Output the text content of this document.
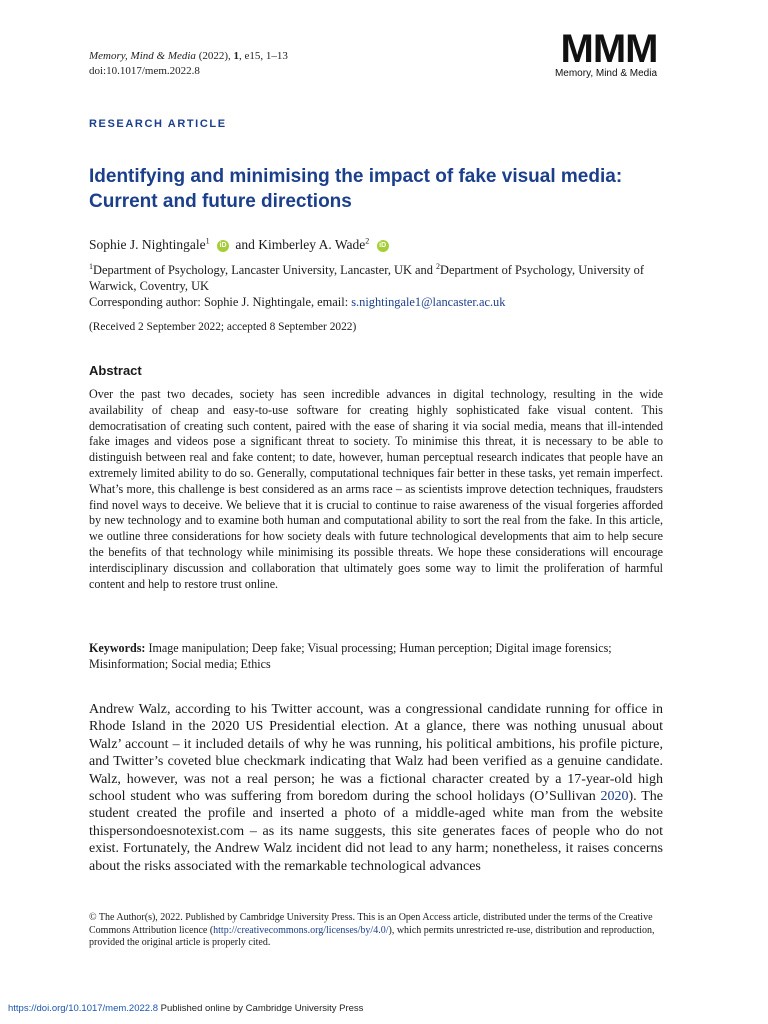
Memory, Mind & Media (2022), 1, e15, 1–13
doi:10.1017/mem.2022.8	MMM
Memory, Mind & Media
RESEARCH ARTICLE
Identifying and minimising the impact of fake visual media: Current and future directions
Sophie J. Nightingale$^1$ iD and Kimberley A. Wade$^2$ iD
$^1$Department of Psychology, Lancaster University, Lancaster, UK and $^2$Department of Psychology, University of Warwick, Coventry, UK
Corresponding author: Sophie J. Nightingale, email: s.nightingale1@lancaster.ac.uk
(Received 2 September 2022; accepted 8 September 2022)
Abstract
Over the past two decades, society has seen incredible advances in digital technology, resulting in the wide availability of cheap and easy-to-use software for creating highly sophisticated fake visual content. This democratisation of creating such content, paired with the ease of sharing it via social media, means that ill-intended fake images and videos pose a significant threat to society. To minimise this threat, it is necessary to be able to distinguish between real and fake content; to date, however, human perceptual research indicates that people have an extremely limited ability to do so. Generally, computational techniques fair better in these tasks, yet remain imperfect. What’s more, this challenge is best considered as an arms race – as scientists improve detection techniques, fraudsters find novel ways to deceive. We believe that it is crucial to continue to raise awareness of the visual forgeries afforded by new technology and to examine both human and computational ability to sort the real from the fake. In this article, we outline three considerations for how society deals with future technological developments that aim to help secure the benefits of that technology while minimising its possible threats. We hope these considerations will encourage interdisciplinary discussion and collaboration that ultimately goes some way to limit the proliferation of harmful content and help to restore trust online.
Keywords: Image manipulation; Deep fake; Visual processing; Human perception; Digital image forensics; Misinformation; Social media; Ethics
Andrew Walz, according to his Twitter account, was a congressional candidate running for office in Rhode Island in the 2020 US Presidential election. At a glance, there was nothing unusual about Walz’ account – it included details of why he was running, his political ambitions, his profile picture, and Twitter’s coveted blue checkmark indicating that Walz had been verified as a genuine candidate. Walz, however, was not a real person; he was a fictional character created by a 17-year-old high school student who was suffering from boredom during the school holidays (O’Sullivan 2020). The student created the profile and inserted a photo of a middle-aged white man from the website thispersondoesnotexist.com – as its name suggests, this site generates faces of people who do not exist. Fortunately, the Andrew Walz incident did not lead to any harm; nonetheless, it raises concerns about the risks associated with the remarkable technological advances
© The Author(s), 2022. Published by Cambridge University Press. This is an Open Access article, distributed under the terms of the Creative Commons Attribution licence (http://creativecommons.org/licenses/by/4.0/), which permits unrestricted re-use, distribution and reproduction, provided the original article is properly cited.
https://doi.org/10.1017/mem.2022.8 Published online by Cambridge University Press
